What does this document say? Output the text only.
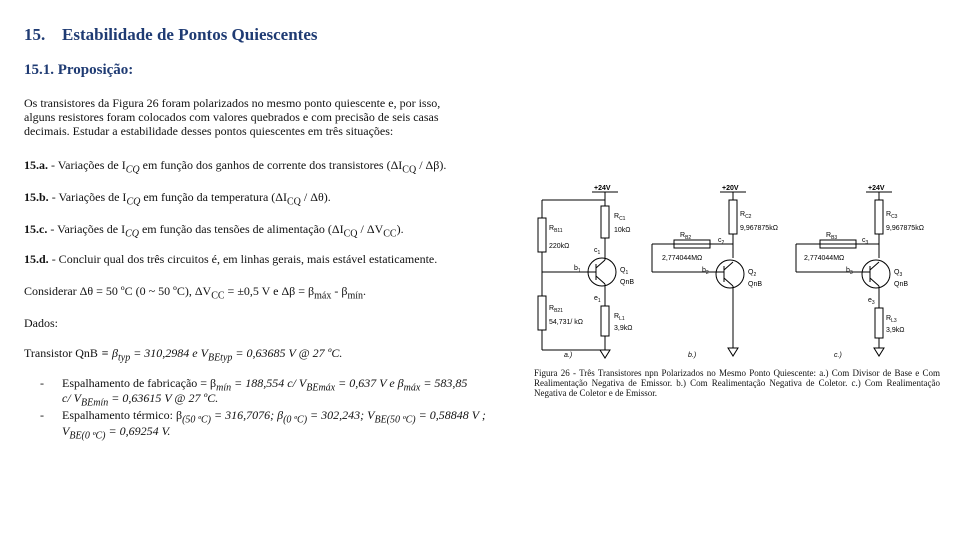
15. Estabilidade de Pontos Quiescentes
15.1. Proposição:
Os transistores da Figura 26 foram polarizados no mesmo ponto quiescente e, por isso,
alguns resistores foram colocados com valores quebrados e com precisão de seis casas
decimais. Estudar a estabilidade desses pontos quiescentes em três situações:
15.a. - Variações de $I_{CQ}$ em função dos ganhos de corrente dos transistores $(\Delta I_{CQ} / \Delta\beta)$.
15.b. - Variações de $I_{CQ}$ em função da temperatura $(\Delta I_{CQ} / \Delta\theta)$.
15.c. - Variações de $I_{CQ}$ em função das tensões de alimentação $(\Delta I_{CQ} / \Delta V_{CC})$.
15.d. - Concluir qual dos três circuitos é, em linhas gerais, mais estável estaticamente.
Considerar Δθ = 50 ºC (0 ~ 50 ºC), $\Delta V_{CC} = \pm 0,5$ V e $\Delta\beta = \beta_{máx} - \beta_{mín}$.
Dados:
Transistor QnB ≡ $\beta_{typ} = 310,2984$ e $V_{BEtyp} = 0,63685$ V @ 27 ºC.
- Espalhamento de fabricação = $\beta_{mín} = 188,554$ c/ $V_{BEmáx} = 0,637$ V e $\beta_{máx} = 583,85$
c/ $V_{BEmín} = 0,63615$ V @ 27 ºC.
- Espalhamento térmico: $\beta_{(50 ºC)} = 316,7076$; $\beta_{(0 ºC)} = 302,243$; $V_{BE(50 ºC)} = 0,58848$ V ;
$V_{BE(0 ºC)} = 0,69254$ V.
+24V
$R_{B11}$
220kΩ
$R_{B21}$
54,731/ kΩ
$R_{C1}$
10kΩ
$c_1$
$b_1$
$e_1$
$Q_1$
QnB
$R_{L1}$
3,9kΩ
a.)
+20V
$R_{C2}$
9,967875kΩ
$R_{B2}$
2,774044MΩ
$c_2$
$b_2$	$Q_2$
QnB
b.)
+24V
$R_{C3}$
9,967875kΩ
$R_{B3}$
2,774044MΩ
$c_3$
$b_3$
$e_3$
$Q_3$
QnB
$R_{L3}$
3,9kΩ
c.)
Figura 26 - Três Transistores npn Polarizados no Mesmo Ponto Quiescente: a.) Com Divisor de Base e Com Realimentação Negativa de Emissor. b.) Com Realimentação Negativa de Coletor. c.) Com Realimentação Negativa de Coletor e de Emissor.
